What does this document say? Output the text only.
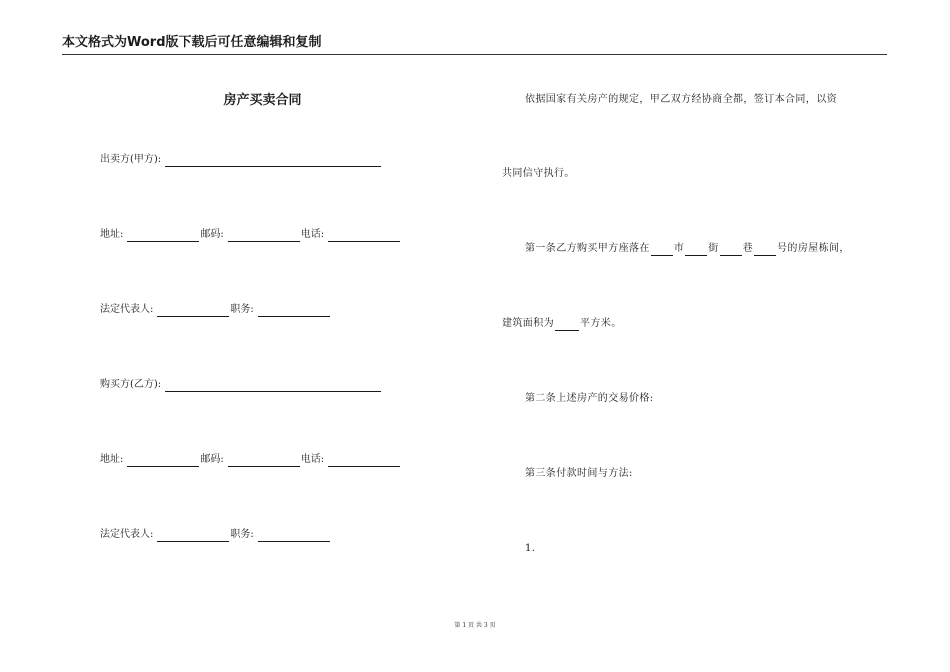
本文格式为Word版下载后可任意编辑和复制
房产买卖合同
出卖方(甲方):
地址:	邮码:	电话:
法定代表人:	职务:
购买方(乙方):
地址:	邮码:	电话:
法定代表人:	职务:
依据国家有关房产的规定，甲乙双方经协商全都，签订本合同，以资
共同信守执行。
第一条乙方购买甲方座落在 市 街 巷 号的房屋栋间，
建筑面积为	平方米。
第二条上述房产的交易价格:
第三条付款时间与方法:
1.
第 1 页 共 3 页
